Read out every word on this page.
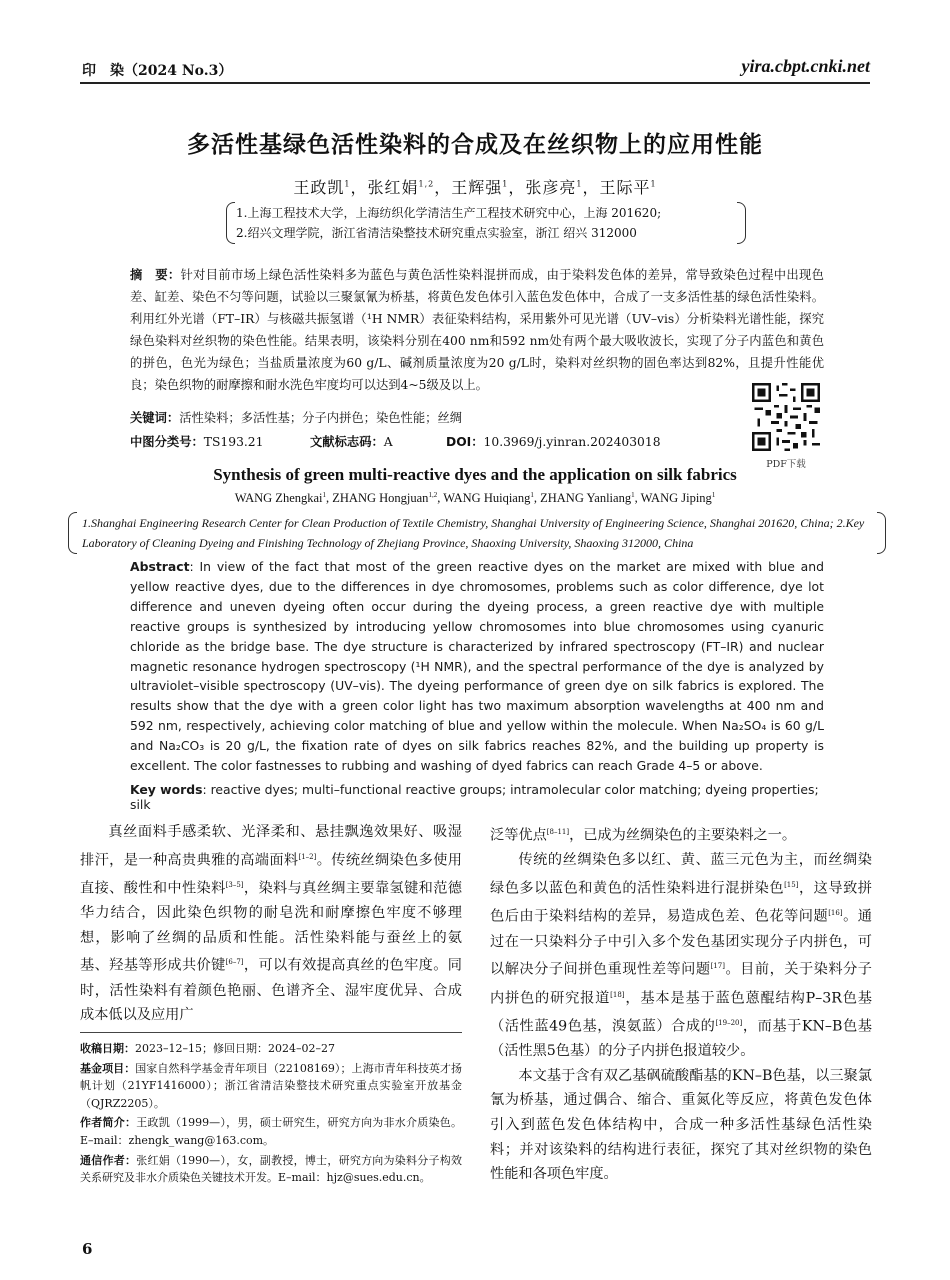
印　染（2024 No.3）	yira.cbpt.cnki.net
多活性基绿色活性染料的合成及在丝织物上的应用性能
王政凯$^1$，张红娟$^{1,2}$，王辉强$^1$，张彦亮$^1$，王际平$^1$
1.上海工程技术大学，上海纺织化学清洁生产工程技术研究中心，上海 201620;
2.绍兴文理学院，浙江省清洁染整技术研究重点实验室，浙江 绍兴 312000
摘　要：针对目前市场上绿色活性染料多为蓝色与黄色活性染料混拼而成，由于染料发色体的差异，常导致染色过程中出现色差、缸差、染色不匀等问题，试验以三聚氯氰为桥基，将黄色发色体引入蓝色发色体中，合成了一支多活性基的绿色活性染料。利用红外光谱（FT–IR）与核磁共振氢谱（¹H NMR）表征染料结构，采用紫外可见光谱（UV–vis）分析染料光谱性能，探究绿色染料对丝织物的染色性能。结果表明，该染料分别在400 nm和592 nm处有两个最大吸收波长，实现了分子内蓝色和黄色的拼色，色光为绿色；当盐质量浓度为60 g/L、碱剂质量浓度为20 g/L时，染料对丝织物的固色率达到82%，且提升性能优良；染色织物的耐摩擦和耐水洗色牢度均可以达到4~5级及以上。
关键词：活性染料；多活性基；分子内拼色；染色性能；丝绸
中图分类号：TS193.21	文献标志码：A	DOI：10.3969/j.yinran.202403018
PDF下载
Synthesis of green multi-reactive dyes and the application on silk fabrics
WANG Zhengkai$^1$, ZHANG Hongjuan$^{1,2}$, WANG Huiqiang$^1$, ZHANG Yanliang$^1$, WANG Jiping$^1$
1.Shanghai Engineering Research Center for Clean Production of Textile Chemistry, Shanghai University of Engineering Science, Shanghai 201620, China; 2.Key Laboratory of Cleaning Dyeing and Finishing Technology of Zhejiang Province, Shaoxing University, Shaoxing 312000, China
Abstract: In view of the fact that most of the green reactive dyes on the market are mixed with blue and yellow reactive dyes, due to the differences in dye chromosomes, problems such as color difference, dye lot difference and uneven dyeing often occur during the dyeing process, a green reactive dye with multiple reactive groups is synthesized by introducing yellow chromosomes into blue chromosomes using cyanuric chloride as the bridge base. The dye structure is characterized by infrared spectroscopy (FT–IR) and nuclear magnetic resonance hydrogen spectroscopy (¹H NMR), and the spectral performance of the dye is analyzed by ultraviolet–visible spectroscopy (UV–vis). The dyeing performance of green dye on silk fabrics is explored. The results show that the dye with a green color light has two maximum absorption wavelengths at 400 nm and 592 nm, respectively, achieving color matching of blue and yellow within the molecule. When Na₂SO₄ is 60 g/L and Na₂CO₃ is 20 g/L, the fixation rate of dyes on silk fabrics reaches 82%, and the building up property is excellent. The color fastnesses to rubbing and washing of dyed fabrics can reach Grade 4–5 or above.
Key words: reactive dyes; multi–functional reactive groups; intramolecular color matching; dyeing properties; silk

真丝面料手感柔软、光泽柔和、悬挂飘逸效果好、吸湿排汗，是一种高贵典雅的高端面料[1–2]。传统丝绸染色多使用直接、酸性和中性染料[3–5]，染料与真丝绸主要靠氢键和范德华力结合，因此染色织物的耐皂洗和耐摩擦色牢度不够理想，影响了丝绸的品质和性能。活性染料能与蚕丝上的氨基、羟基等形成共价键[6–7]，可以有效提高真丝的色牢度。同时，活性染料有着颜色艳丽、色谱齐全、湿牢度优异、合成成本低以及应用广

收稿日期：2023–12–15；修回日期：2024–02–27

基金项目：国家自然科学基金青年项目（22108169）；上海市青年科技英才扬帆计划（21YF1416000）；浙江省清洁染整技术研究重点实验室开放基金（QJRZ2205）。

作者简介：王政凯（1999—），男，硕士研究生，研究方向为非水介质染色。E–mail：zhengk_wang@163.com。

通信作者：张红娟（1990—），女，副教授，博士，研究方向为染料分子构效关系研究及非水介质染色关键技术开发。E–mail：hjz@sues.edu.cn。

泛等优点[8–11]，已成为丝绸染色的主要染料之一。

传统的丝绸染色多以红、黄、蓝三元色为主，而丝绸染绿色多以蓝色和黄色的活性染料进行混拼染色[15]，这导致拼色后由于染料结构的差异，易造成色差、色花等问题[16]。通过在一只染料分子中引入多个发色基团实现分子内拼色，可以解决分子间拼色重现性差等问题[17]。目前，关于染料分子内拼色的研究报道[18]，基本是基于蓝色蒽醌结构P–3R色基（活性蓝49色基，溴氨蓝）合成的[19–20]，而基于KN–B色基（活性黑5色基）的分子内拼色报道较少。

本文基于含有双乙基砜硫酸酯基的KN–B色基，以三聚氯氰为桥基，通过偶合、缩合、重氮化等反应，将黄色发色体引入到蓝色发色体结构中，合成一种多活性基绿色活性染料；并对该染料的结构进行表征，探究了其对丝织物的染色性能和各项色牢度。

6
